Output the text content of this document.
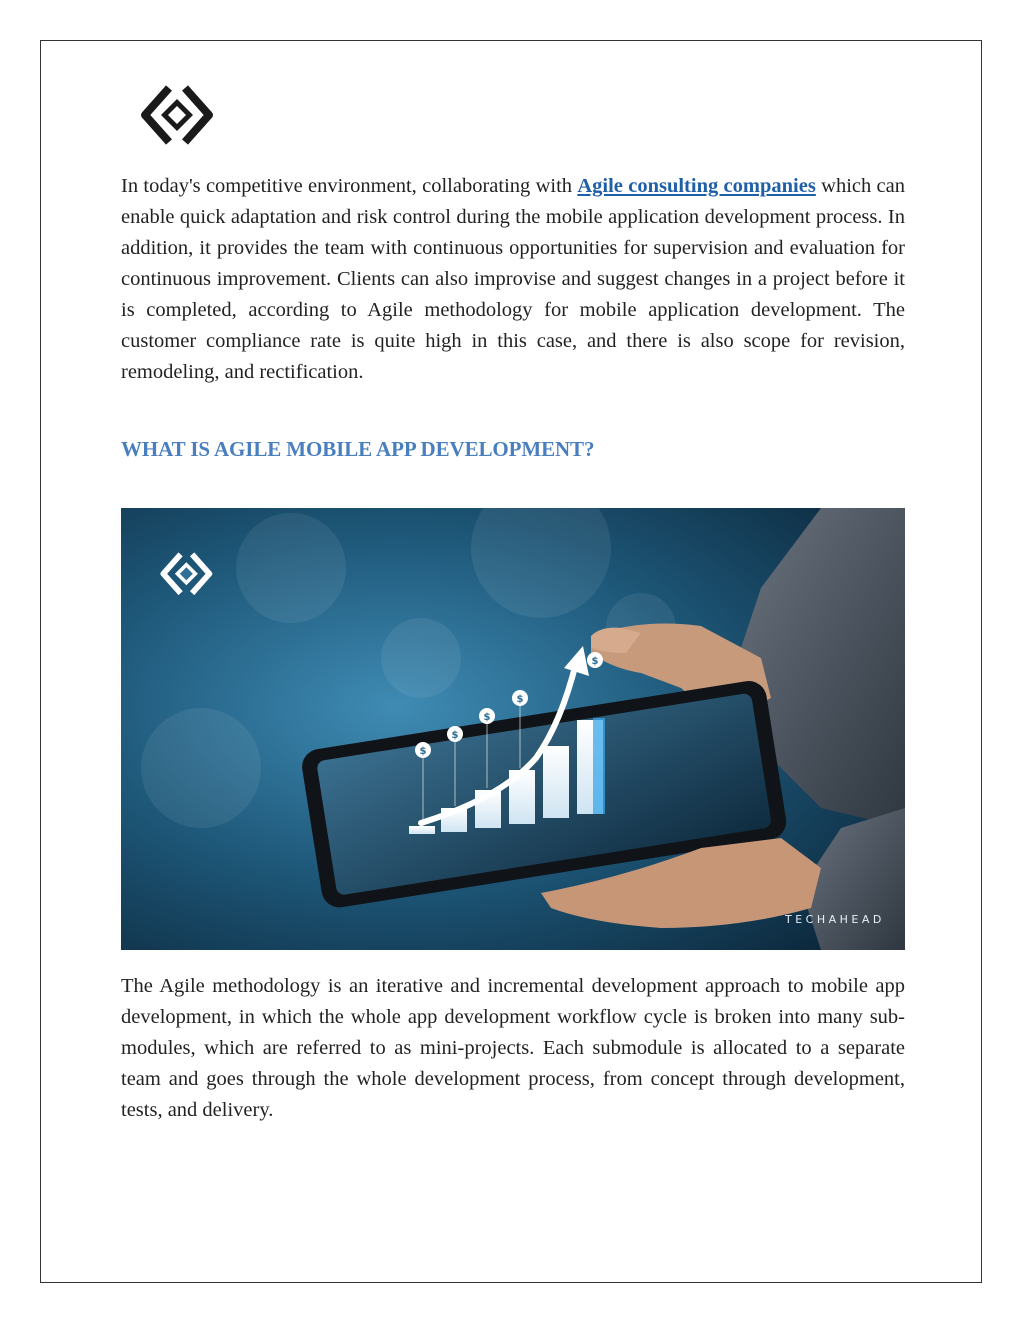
In today's competitive environment, collaborating with Agile consulting companies which can enable quick adaptation and risk control during the mobile application development process. In addition, it provides the team with continuous opportunities for supervision and evaluation for continuous improvement. Clients can also improvise and suggest changes in a project before it is completed, according to Agile methodology for mobile application development. The customer compliance rate is quite high in this case, and there is also scope for revision, remodeling, and rectification.

WHAT IS AGILE MOBILE APP DEVELOPMENT?
$
$
$
$
$
TECHAHEAD

The Agile methodology is an iterative and incremental development approach to mobile app development, in which the whole app development workflow cycle is broken into many sub-modules, which are referred to as mini-projects. Each submodule is allocated to a separate team and goes through the whole development process, from concept through development, tests, and delivery.
